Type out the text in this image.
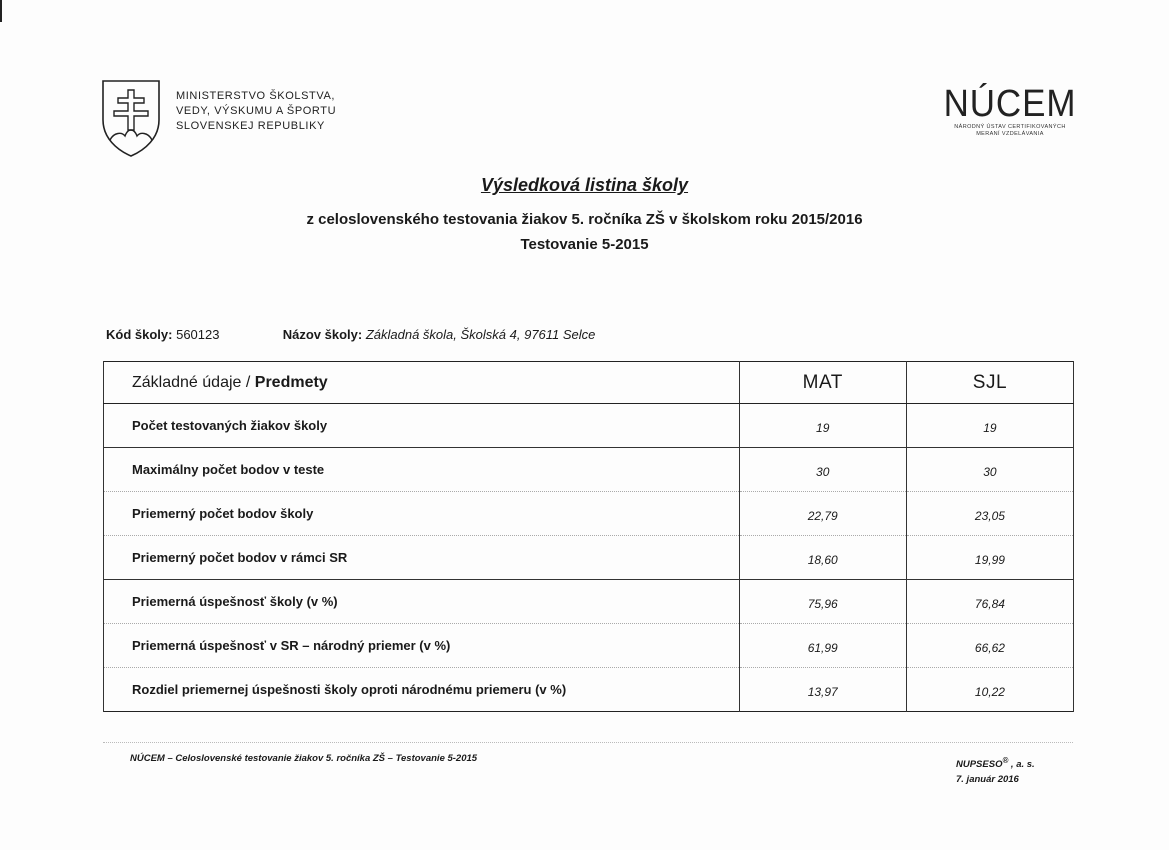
MINISTERSTVO ŠKOLSTVA,
VEDY, VÝSKUMU A ŠPORTU
SLOVENSKEJ REPUBLIKY
NÚCEM
NÁRODNÝ ÚSTAV CERTIFIKOVANÝCH
MERANÍ VZDELÁVANIA
Výsledková listina školy
z celoslovenského testovania žiakov 5. ročníka ZŠ v školskom roku 2015/2016
Testovanie 5-2015
Kód školy: 560123	Názov školy: Základná škola, Školská 4, 97611 Selce
Základné údaje / Predmety	MAT	SJL
Počet testovaných žiakov školy	19	19
Maximálny počet bodov v teste	30	30
Priemerný počet bodov školy	22,79	23,05
Priemerný počet bodov v rámci SR	18,60	19,99
Priemerná úspešnosť školy (v %)	75,96	76,84
Priemerná úspešnosť v SR – národný priemer (v %)	61,99	66,62
Rozdiel priemernej úspešnosti školy oproti národnému priemeru (v %)	13,97	10,22
NÚCEM – Celoslovenské testovanie žiakov 5. ročníka ZŠ – Testovanie 5-2015
NUPSESO® , a. s.
7. január 2016
